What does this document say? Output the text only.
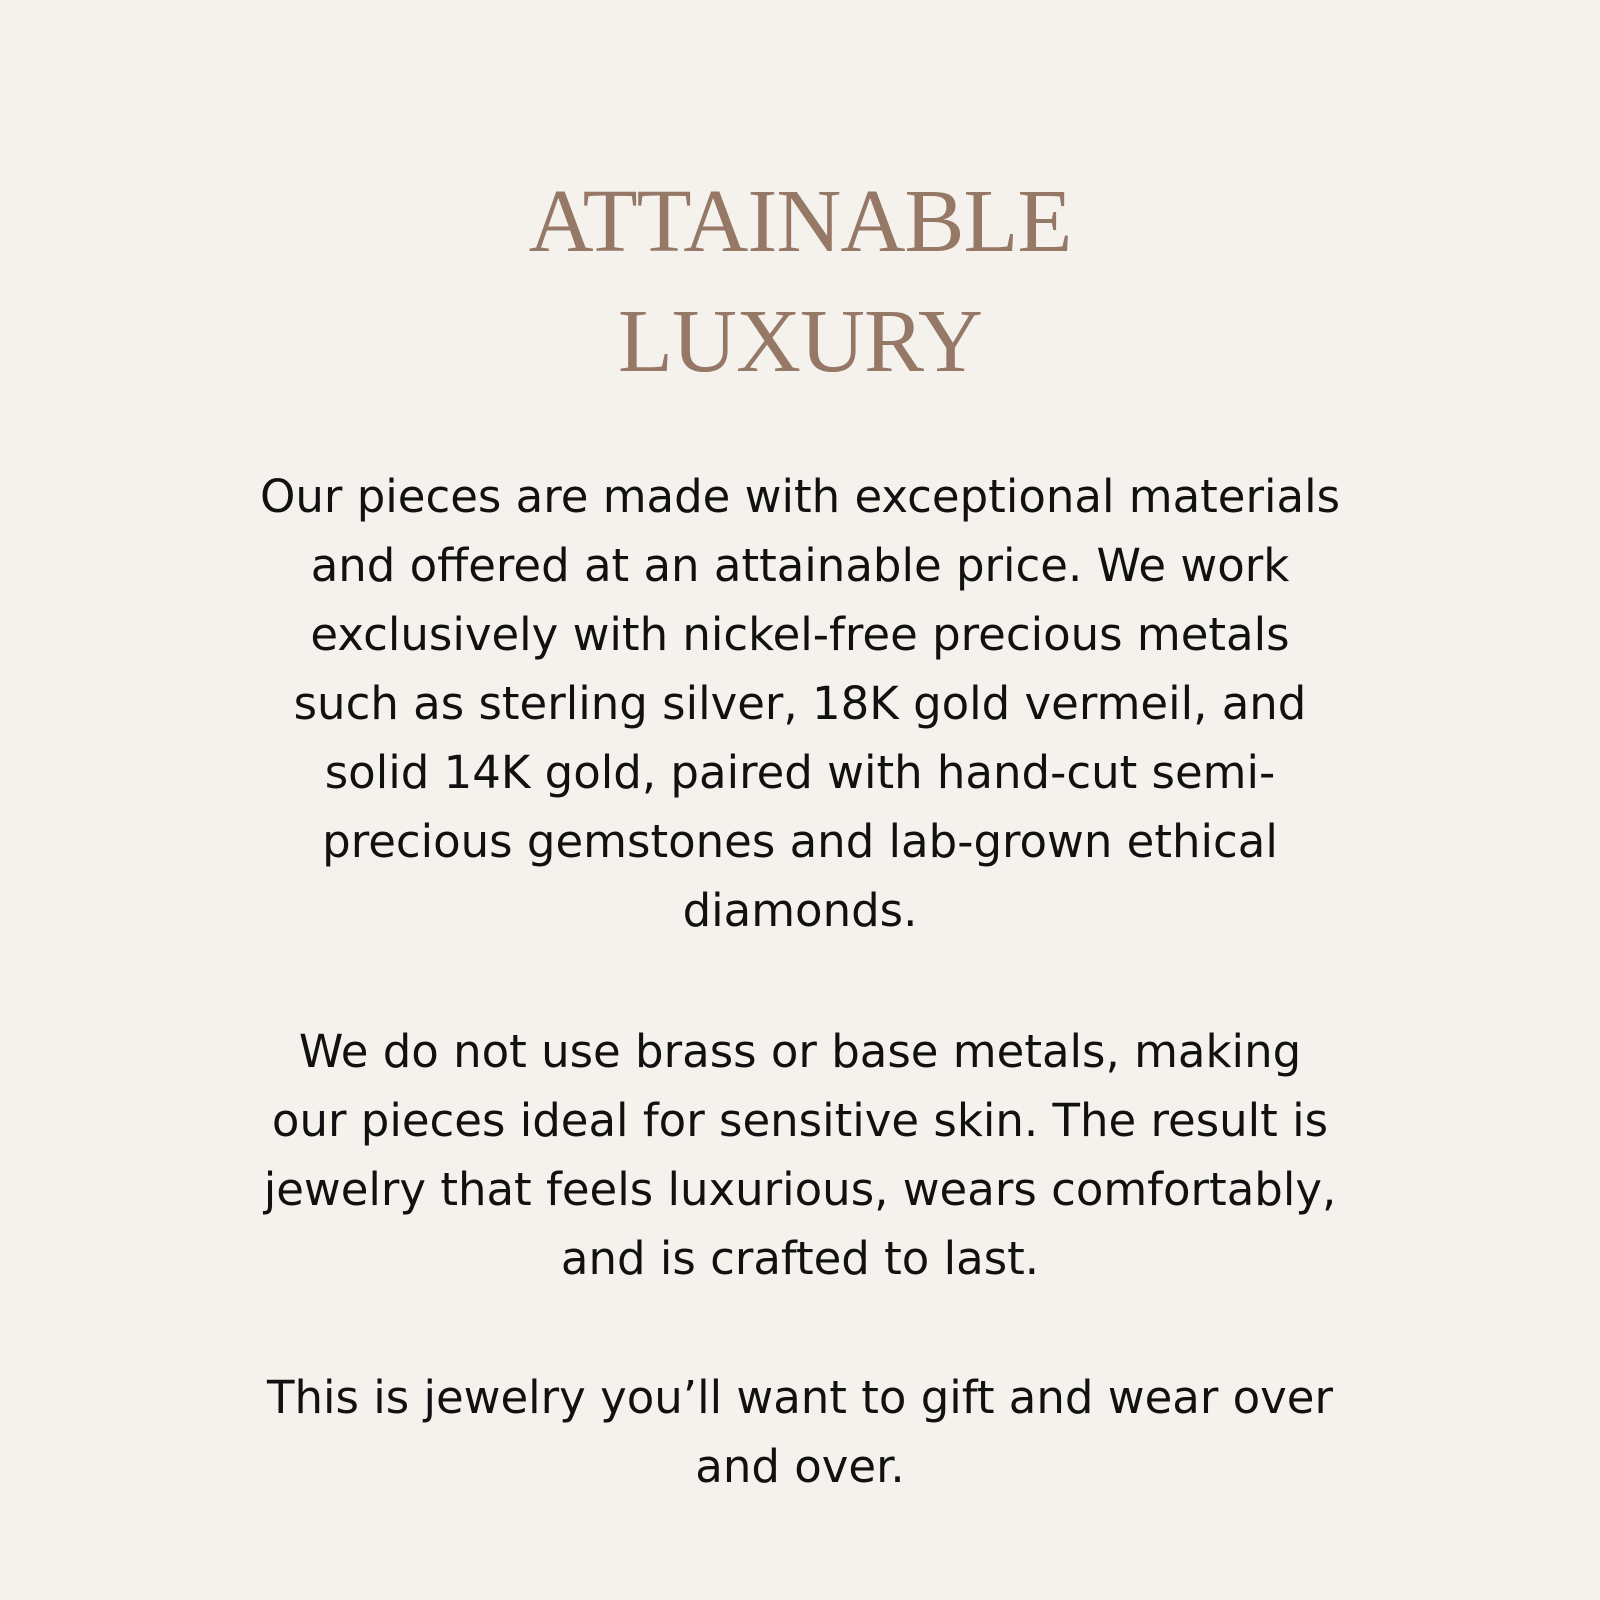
ATTAINABLE
LUXURY

Our pieces are made with exceptional materials
and offered at an attainable price. We work
exclusively with nickel-free precious metals
such as sterling silver, 18K gold vermeil, and
solid 14K gold, paired with hand-cut semi-
precious gemstones and lab-grown ethical
diamonds.

We do not use brass or base metals, making
our pieces ideal for sensitive skin. The result is
jewelry that feels luxurious, wears comfortably,
and is crafted to last.

This is jewelry you’ll want to gift and wear over
and over.
